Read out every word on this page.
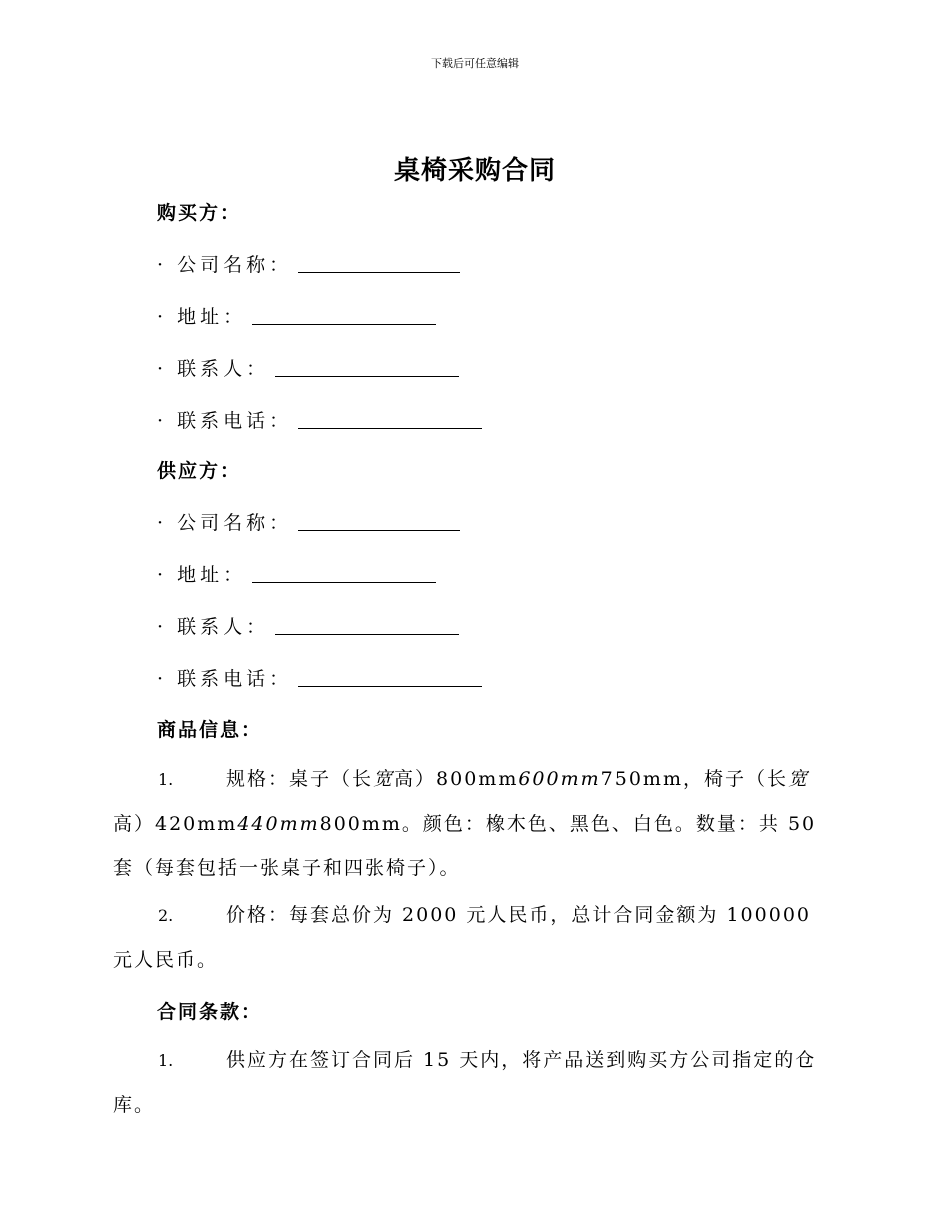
下载后可任意编辑
桌椅采购合同
购买方：
· 公司名称：
· 地址：
· 联系人：
· 联系电话：
供应方：
· 公司名称：
· 地址：
· 联系人：
· 联系电话：
商品信息：
1.	规格：桌子（长宽高）800mm600mm750mm，椅子（长宽高）420mm440mm800mm。颜色：橡木色、黑色、白色。数量：共 50 套（每套包括一张桌子和四张椅子）。
2.	价格：每套总价为 2000 元人民币，总计合同金额为 100000 元人民币。
合同条款：
1.	供应方在签订合同后 15 天内，将产品送到购买方公司指定的仓库。
